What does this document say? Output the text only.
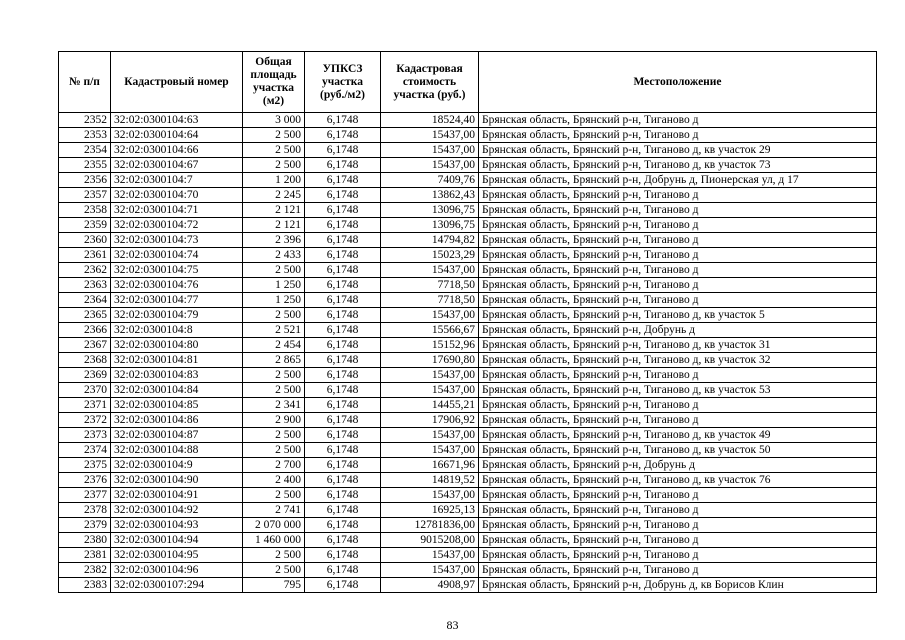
№ п/п	Кадастровый номер	Общая площадь участка (м2)	УПКСЗ участка (руб./м2)	Кадастровая стоимость участка (руб.)	Местоположение
2352	32:02:0300104:63	3 000	6,1748	18524,40	Брянская область, Брянский р-н, Тиганово д
2353	32:02:0300104:64	2 500	6,1748	15437,00	Брянская область, Брянский р-н, Тиганово д
2354	32:02:0300104:66	2 500	6,1748	15437,00	Брянская область, Брянский р-н, Тиганово д, кв участок 29
2355	32:02:0300104:67	2 500	6,1748	15437,00	Брянская область, Брянский р-н, Тиганово д, кв участок 73
2356	32:02:0300104:7	1 200	6,1748	7409,76	Брянская область, Брянский р-н, Добрунь д, Пионерская ул, д 17
2357	32:02:0300104:70	2 245	6,1748	13862,43	Брянская область, Брянский р-н, Тиганово д
2358	32:02:0300104:71	2 121	6,1748	13096,75	Брянская область, Брянский р-н, Тиганово д
2359	32:02:0300104:72	2 121	6,1748	13096,75	Брянская область, Брянский р-н, Тиганово д
2360	32:02:0300104:73	2 396	6,1748	14794,82	Брянская область, Брянский р-н, Тиганово д
2361	32:02:0300104:74	2 433	6,1748	15023,29	Брянская область, Брянский р-н, Тиганово д
2362	32:02:0300104:75	2 500	6,1748	15437,00	Брянская область, Брянский р-н, Тиганово д
2363	32:02:0300104:76	1 250	6,1748	7718,50	Брянская область, Брянский р-н, Тиганово д
2364	32:02:0300104:77	1 250	6,1748	7718,50	Брянская область, Брянский р-н, Тиганово д
2365	32:02:0300104:79	2 500	6,1748	15437,00	Брянская область, Брянский р-н, Тиганово д, кв участок 5
2366	32:02:0300104:8	2 521	6,1748	15566,67	Брянская область, Брянский р-н, Добрунь д
2367	32:02:0300104:80	2 454	6,1748	15152,96	Брянская область, Брянский р-н, Тиганово д, кв участок 31
2368	32:02:0300104:81	2 865	6,1748	17690,80	Брянская область, Брянский р-н, Тиганово д, кв участок 32
2369	32:02:0300104:83	2 500	6,1748	15437,00	Брянская область, Брянский р-н, Тиганово д
2370	32:02:0300104:84	2 500	6,1748	15437,00	Брянская область, Брянский р-н, Тиганово д, кв участок 53
2371	32:02:0300104:85	2 341	6,1748	14455,21	Брянская область, Брянский р-н, Тиганово д
2372	32:02:0300104:86	2 900	6,1748	17906,92	Брянская область, Брянский р-н, Тиганово д
2373	32:02:0300104:87	2 500	6,1748	15437,00	Брянская область, Брянский р-н, Тиганово д, кв участок 49
2374	32:02:0300104:88	2 500	6,1748	15437,00	Брянская область, Брянский р-н, Тиганово д, кв участок 50
2375	32:02:0300104:9	2 700	6,1748	16671,96	Брянская область, Брянский р-н, Добрунь д
2376	32:02:0300104:90	2 400	6,1748	14819,52	Брянская область, Брянский р-н, Тиганово д, кв участок 76
2377	32:02:0300104:91	2 500	6,1748	15437,00	Брянская область, Брянский р-н, Тиганово д
2378	32:02:0300104:92	2 741	6,1748	16925,13	Брянская область, Брянский р-н, Тиганово д
2379	32:02:0300104:93	2 070 000	6,1748	12781836,00	Брянская область, Брянский р-н, Тиганово д
2380	32:02:0300104:94	1 460 000	6,1748	9015208,00	Брянская область, Брянский р-н, Тиганово д
2381	32:02:0300104:95	2 500	6,1748	15437,00	Брянская область, Брянский р-н, Тиганово д
2382	32:02:0300104:96	2 500	6,1748	15437,00	Брянская область, Брянский р-н, Тиганово д
2383	32:02:0300107:294	795	6,1748	4908,97	Брянская область, Брянский р-н, Добрунь д, кв Борисов Клин
83
